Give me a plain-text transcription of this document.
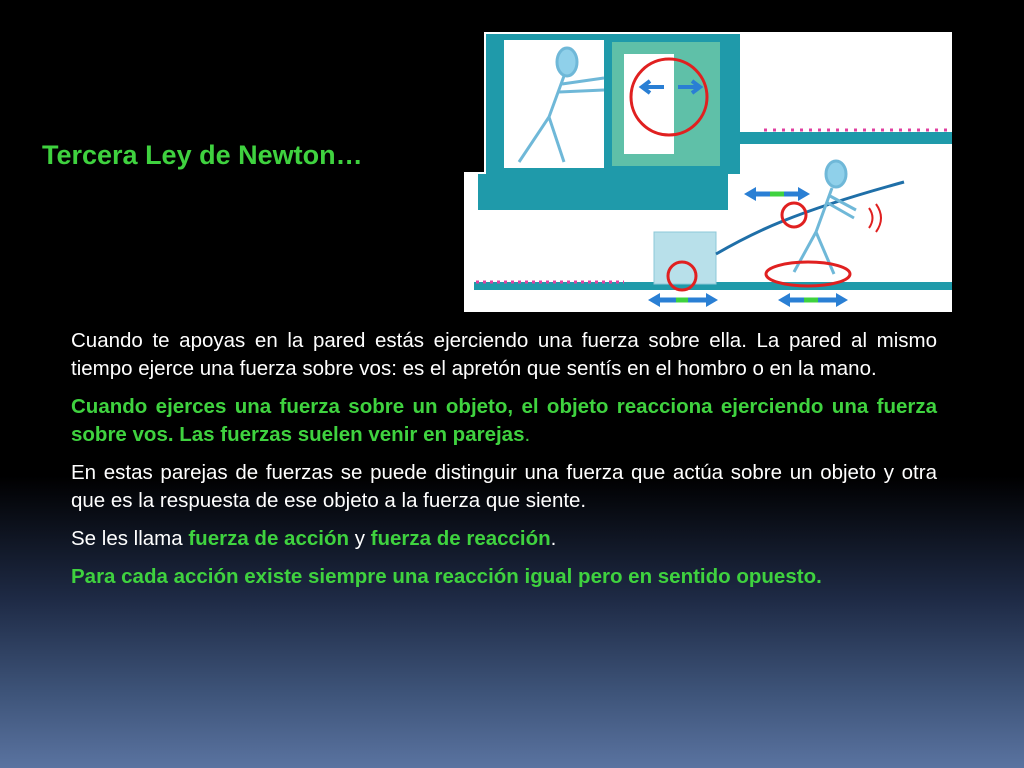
Tercera Ley de Newton…

Cuando te apoyas en la pared estás ejerciendo una fuerza sobre ella. La pared al mismo tiempo ejerce una fuerza sobre vos: es el apretón que sentís en el hombro o en la mano.

Cuando ejerces una fuerza sobre un objeto, el objeto reacciona ejerciendo una fuerza sobre vos. Las fuerzas suelen venir en parejas.

En estas parejas de fuerzas se puede distinguir una fuerza que actúa sobre un objeto y otra que es la respuesta de ese objeto a la fuerza que siente.

Se les llama fuerza de acción y fuerza de reacción.

Para cada acción existe siempre una reacción igual pero en sentido opuesto.
